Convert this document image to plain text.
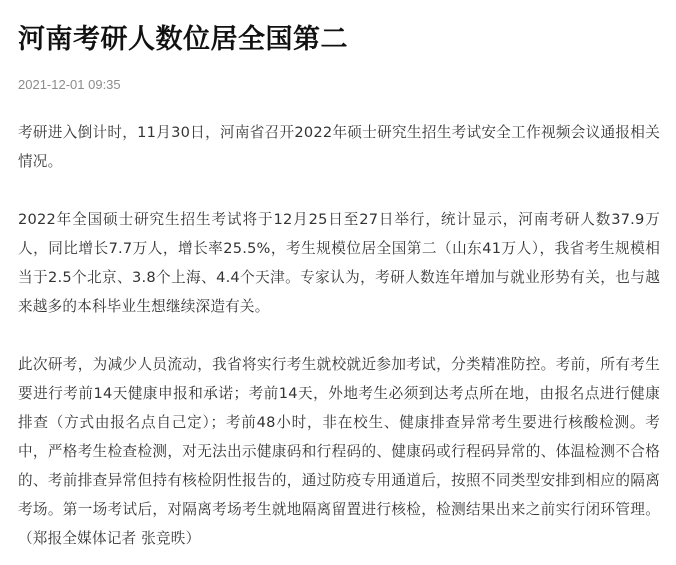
河南考研人数位居全国第二
2021-12-01 09:35

考研进入倒计时，11月30日，河南省召开2022年硕士研究生招生考试安全工作视频会议通报相关情况。

2022年全国硕士研究生招生考试将于12月25日至27日举行，统计显示，河南考研人数37.9万人，同比增长7.7万人，增长率25.5%，考生规模位居全国第二（山东41万人），我省考生规模相当于2.5个北京、3.8个上海、4.4个天津。专家认为，考研人数连年增加与就业形势有关，也与越来越多的本科毕业生想继续深造有关。

此次研考，为减少人员流动，我省将实行考生就校就近参加考试，分类精准防控。考前，所有考生要进行考前14天健康申报和承诺；考前14天，外地考生必须到达考点所在地，由报名点进行健康排查（方式由报名点自己定）；考前48小时，非在校生、健康排查异常考生要进行核酸检测。考中，严格考生检查检测，对无法出示健康码和行程码的、健康码或行程码异常的、体温检测不合格的、考前排查异常但持有核检阴性报告的，通过防疫专用通道后，按照不同类型安排到相应的隔离考场。第一场考试后，对隔离考场考生就地隔离留置进行核检，检测结果出来之前实行闭环管理。（郑报全媒体记者 张竞昳）
